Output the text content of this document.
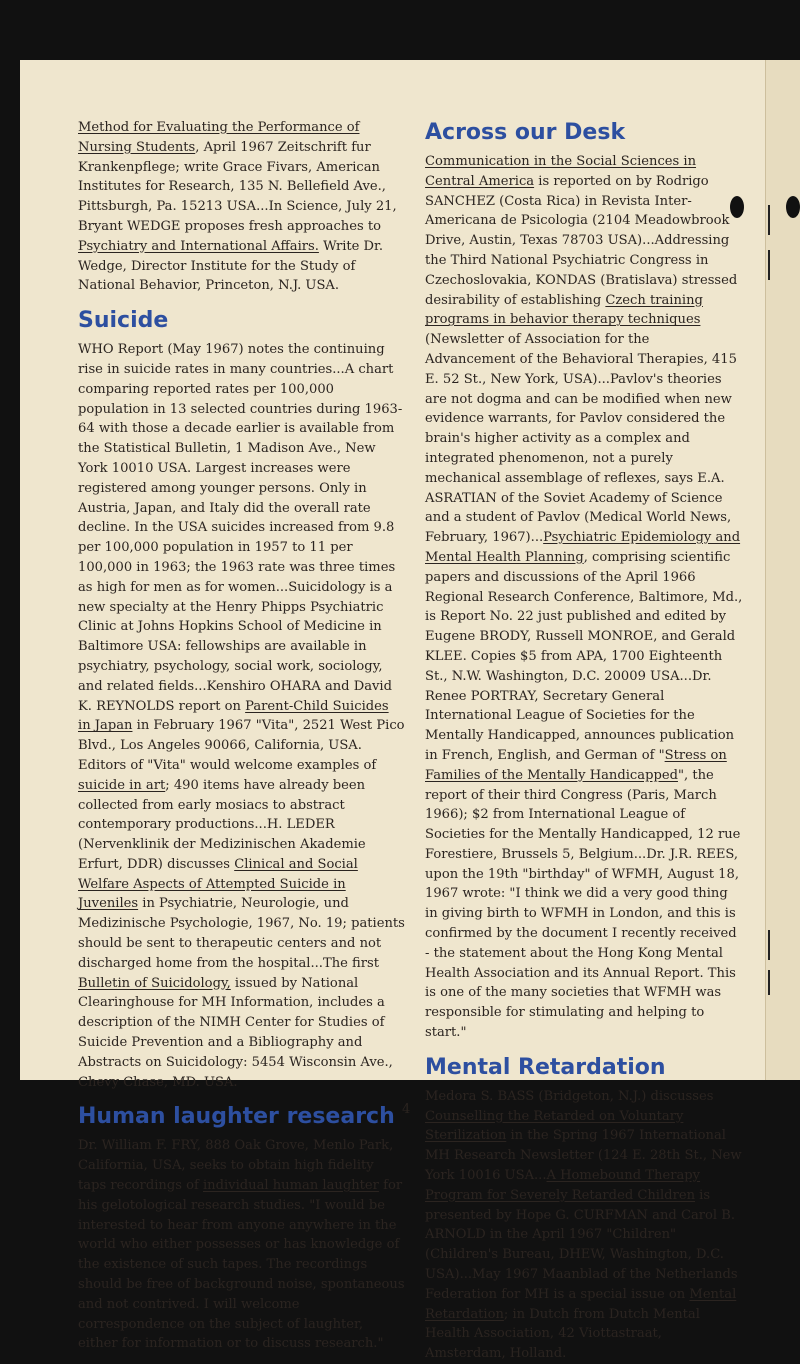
Method for Evaluating the Performance of Nursing Students, April 1967 Zeitschrift fur Krankenpflege; write Grace Fivars, American Institutes for Research, 135 N. Bellefield Ave., Pittsburgh, Pa. 15213 USA...In Science, July 21, Bryant WEDGE proposes fresh approaches to Psychiatry and International Affairs. Write Dr. Wedge, Director Institute for the Study of National Behavior, Princeton, N.J. USA.

Suicide

WHO Report (May 1967) notes the continuing rise in suicide rates in many countries...A chart comparing reported rates per 100,000 population in 13 selected countries during 1963-64 with those a decade earlier is available from the Statistical Bulletin, 1 Madison Ave., New York 10010 USA. Largest increases were registered among younger persons. Only in Austria, Japan, and Italy did the overall rate decline. In the USA suicides increased from 9.8 per 100,000 population in 1957 to 11 per 100,000 in 1963; the 1963 rate was three times as high for men as for women...Suicidology is a new specialty at the Henry Phipps Psychiatric Clinic at Johns Hopkins School of Medicine in Baltimore USA: fellowships are available in psychiatry, psychology, social work, sociology, and related fields...Kenshiro OHARA and David K. REYNOLDS report on Parent-Child Suicides in Japan in February 1967 "Vita", 2521 West Pico Blvd., Los Angeles 90066, California, USA. Editors of "Vita" would welcome examples of suicide in art; 490 items have already been collected from early mosiacs to abstract contemporary productions...H. LEDER (Nervenklinik der Medizinischen Akademie Erfurt, DDR) discusses Clinical and Social Welfare Aspects of Attempted Suicide in Juveniles in Psychiatrie, Neurologie, und Medizinische Psychologie, 1967, No. 19; patients should be sent to therapeutic centers and not discharged home from the hospital...The first Bulletin of Suicidology, issued by National Clearinghouse for MH Information, includes a description of the NIMH Center for Studies of Suicide Prevention and a Bibliography and Abstracts on Suicidology: 5454 Wisconsin Ave., Chevy Chase, MD. USA.

Human laughter research

Dr. William F. FRY, 888 Oak Grove, Menlo Park, California, USA, seeks to obtain high fidelity taps recordings of individual human laughter for his gelotological research studies. "I would be interested to hear from anyone anywhere in the world who either possesses or has knowledge of the existence of such tapes. The recordings should be free of background noise, spontaneous and not contrived. I will welcome correspondence on the subject of laughter, either for information or to discuss research."

Across our Desk

Communication in the Social Sciences in Central America is reported on by Rodrigo SANCHEZ (Costa Rica) in Revista Inter-Americana de Psicologia (2104 Meadowbrook Drive, Austin, Texas 78703 USA)...Addressing the Third National Psychiatric Congress in Czechoslovakia, KONDAS (Bratislava) stressed desirability of establishing Czech training programs in behavior therapy techniques (Newsletter of Association for the Advancement of the Behavioral Therapies, 415 E. 52 St., New York, USA)...Pavlov's theories are not dogma and can be modified when new evidence warrants, for Pavlov considered the brain's higher activity as a complex and integrated phenomenon, not a purely mechanical assemblage of reflexes, says E.A. ASRATIAN of the Soviet Academy of Science and a student of Pavlov (Medical World News, February, 1967)...Psychiatric Epidemiology and Mental Health Planning, comprising scientific papers and discussions of the April 1966 Regional Research Conference, Baltimore, Md., is Report No. 22 just published and edited by Eugene BRODY, Russell MONROE, and Gerald KLEE. Copies $5 from APA, 1700 Eighteenth St., N.W. Washington, D.C. 20009 USA...Dr. Renee PORTRAY, Secretary General International League of Societies for the Mentally Handicapped, announces publication in French, English, and German of "Stress on Families of the Mentally Handicapped", the report of their third Congress (Paris, March 1966); $2 from International League of Societies for the Mentally Handicapped, 12 rue Forestiere, Brussels 5, Belgium...Dr. J.R. REES, upon the 19th "birthday" of WFMH, August 18, 1967 wrote: "I think we did a very good thing in giving birth to WFMH in London, and this is confirmed by the document I recently received - the statement about the Hong Kong Mental Health Association and its Annual Report. This is one of the many societies that WFMH was responsible for stimulating and helping to start."

Mental Retardation

Medora S. BASS (Bridgeton, N.J.) discusses Counselling the Retarded on Voluntary Sterilization in the Spring 1967 International MH Research Newsletter (124 E. 28th St., New York 10016 USA...A Homebound Therapy Program for Severely Retarded Children is presented by Hope G. CURFMAN and Carol B. ARNOLD in the April 1967 "Children" (Children's Bureau, DHEW, Washington, D.C. USA)...May 1967 Maanblad of the Netherlands Federation for MH is a special issue on Mental Retardation; in Dutch from Dutch Mental Health Association, 42 Viottastraat, Amsterdam, Holland.

4
